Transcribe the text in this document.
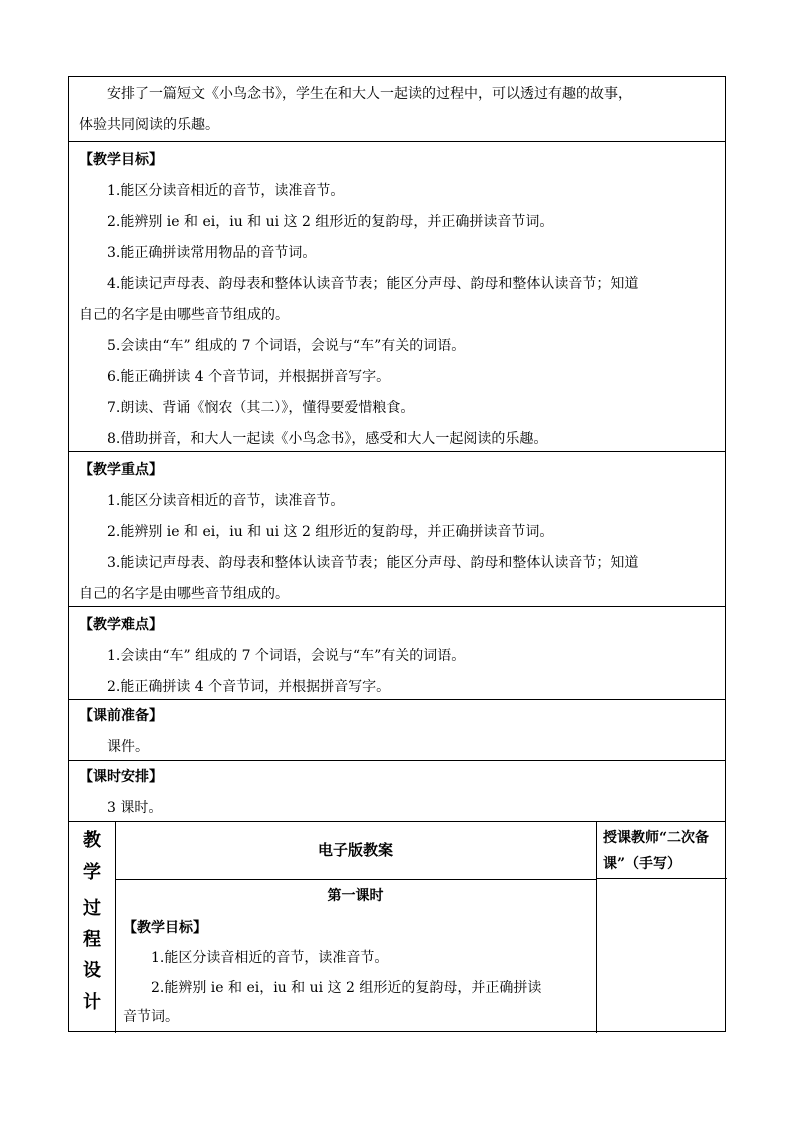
安排了一篇短文《小鸟念书》，学生在和大人一起读的过程中，可以透过有趣的故事，
体验共同阅读的乐趣。
【教学目标】
1.能区分读音相近的音节，读准音节。
2.能辨别 ie 和 ei，iu 和 ui 这 2 组形近的复韵母，并正确拼读音节词。
3.能正确拼读常用物品的音节词。
4.能读记声母表、韵母表和整体认读音节表；能区分声母、韵母和整体认读音节；知道
自己的名字是由哪些音节组成的。
5.会读由“车” 组成的 7 个词语，会说与“车”有关的词语。
6.能正确拼读 4 个音节词，并根据拼音写字。
7.朗读、背诵《悯农（其二）》，懂得要爱惜粮食。
8.借助拼音，和大人一起读《小鸟念书》，感受和大人一起阅读的乐趣。
【教学重点】
1.能区分读音相近的音节，读准音节。
2.能辨别 ie 和 ei，iu 和 ui 这 2 组形近的复韵母，并正确拼读音节词。
3.能读记声母表、韵母表和整体认读音节表；能区分声母、韵母和整体认读音节；知道
自己的名字是由哪些音节组成的。
【教学难点】
1.会读由“车” 组成的 7 个词语，会说与“车”有关的词语。
2.能正确拼读 4 个音节词，并根据拼音写字。
【课前准备】
课件。
【课时安排】
3 课时。
教
学
过
程
设
计
电子版教案
第一课时
【教学目标】
1.能区分读音相近的音节，读准音节。
2.能辨别 ie 和 ei，iu 和 ui 这 2 组形近的复韵母，并正确拼读
音节词。
授课教师“二次备课”（手写）
